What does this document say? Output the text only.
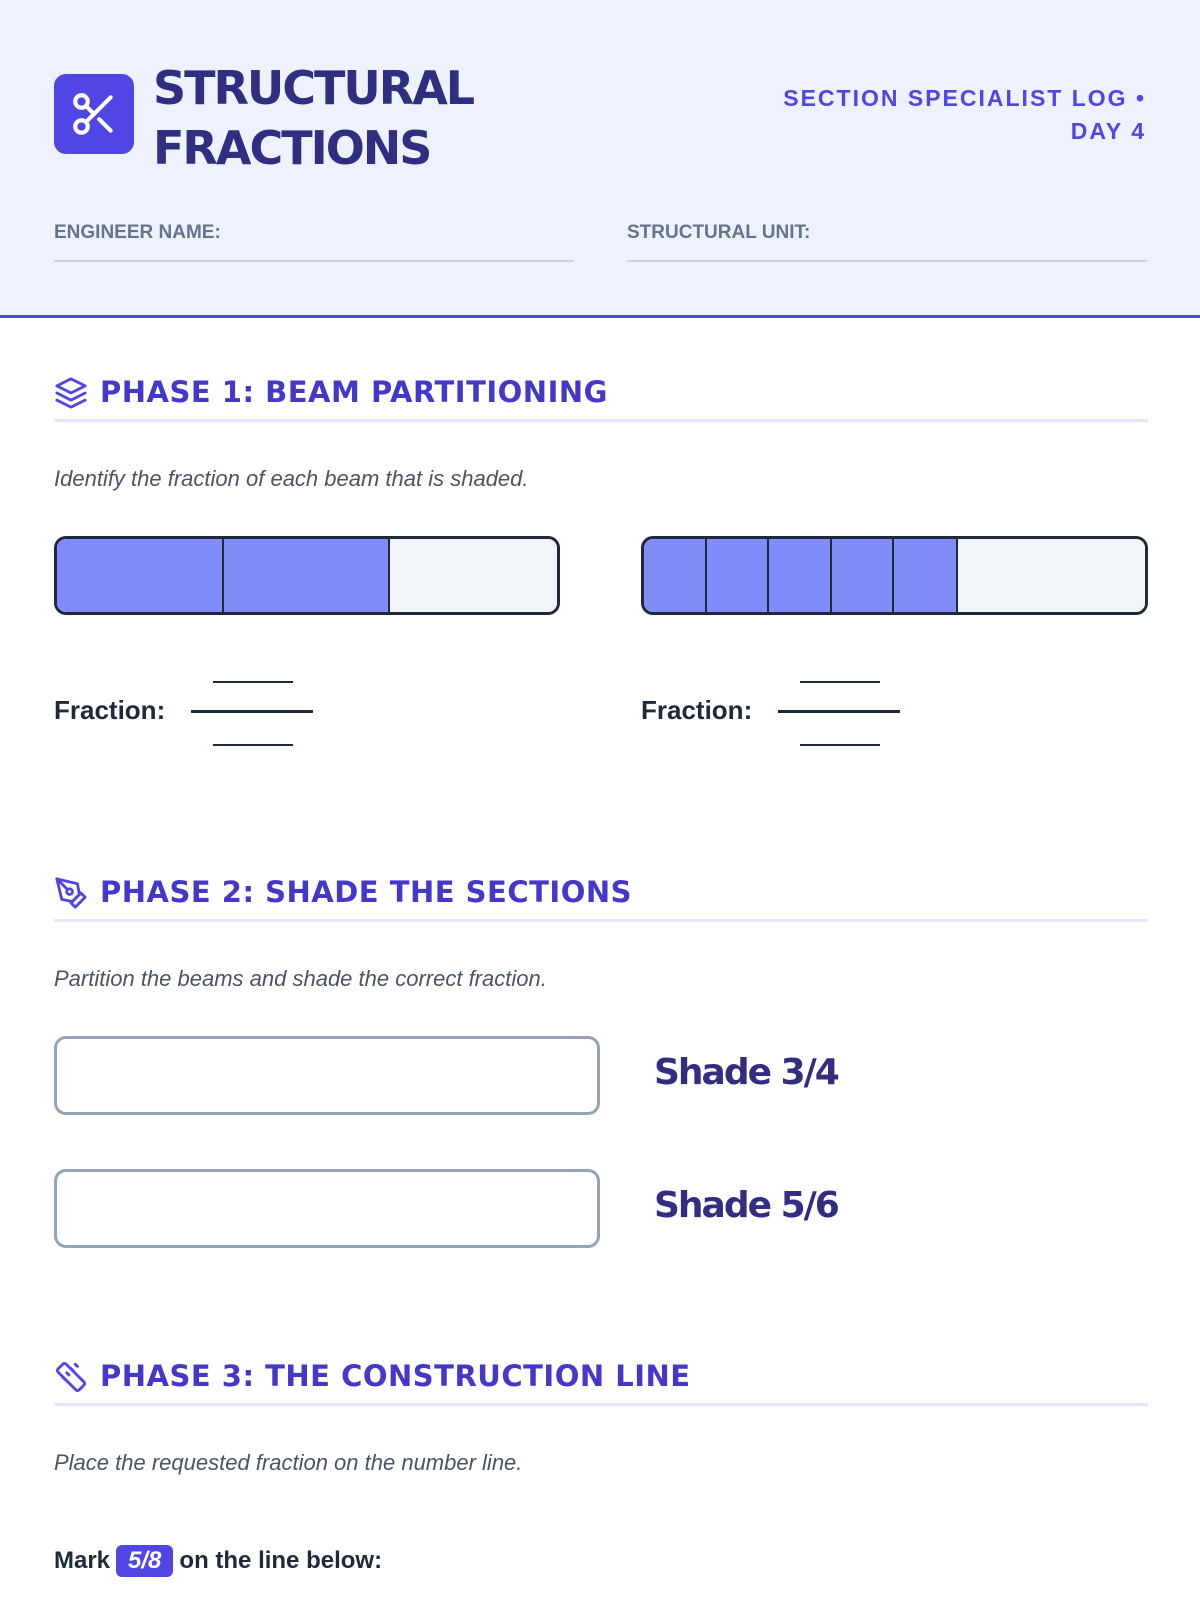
STRUCTURAL
FRACTIONS
SECTION SPECIALIST LOG •
DAY 4
ENGINEER NAME:	STRUCTURAL UNIT:
PHASE 1: BEAM PARTITIONING
Identify the fraction of each beam that is shaded.
Fraction:	Fraction:
PHASE 2: SHADE THE SECTIONS
Partition the beams and shade the correct fraction.
Shade 3/4
Shade 5/6
PHASE 3: THE CONSTRUCTION LINE
Place the requested fraction on the number line.
Mark 5/8 on the line below:
